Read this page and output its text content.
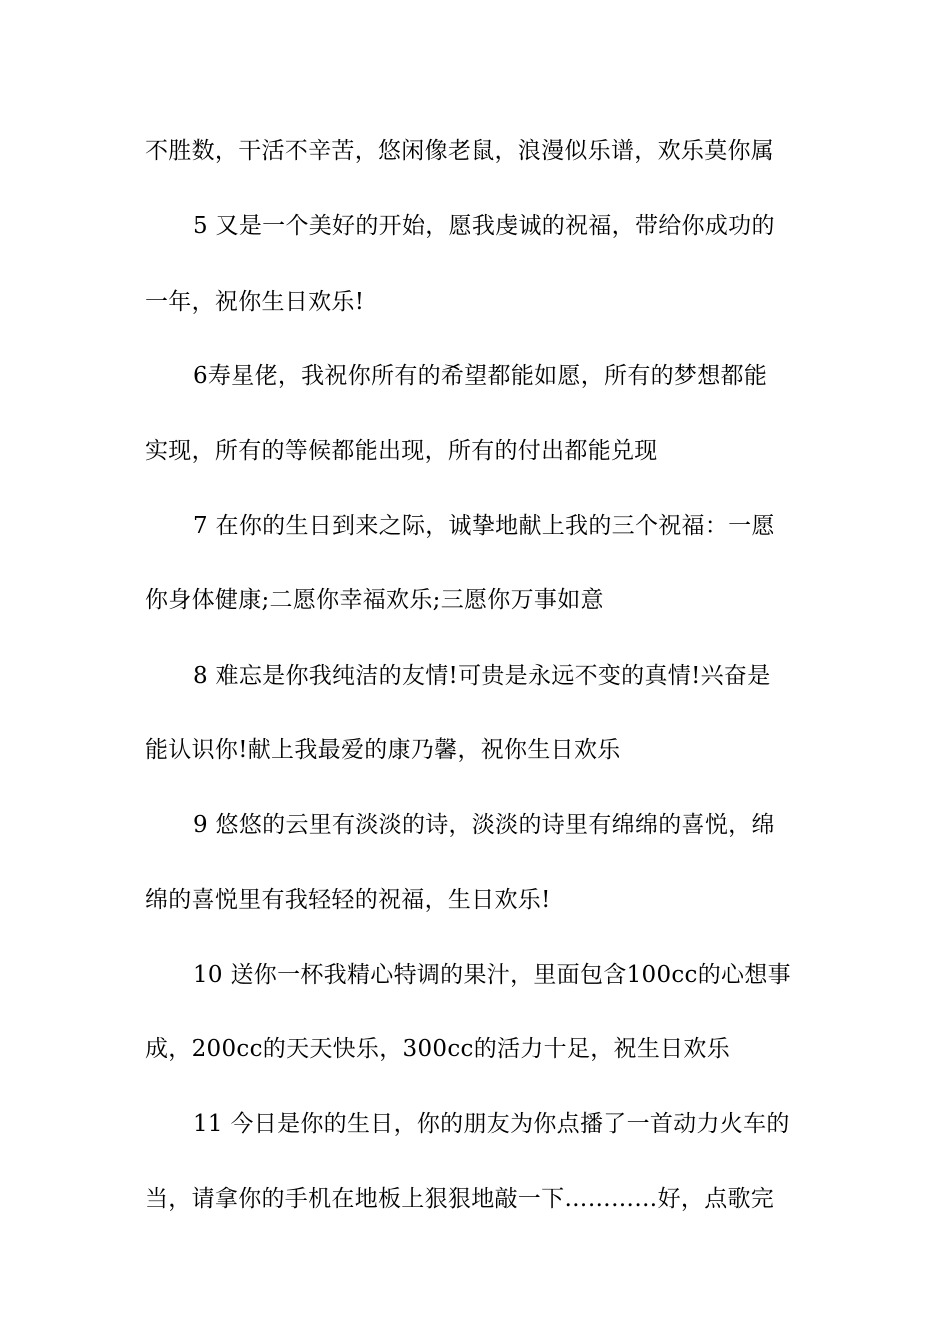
不胜数，干活不辛苦，悠闲像老鼠，浪漫似乐谱，欢乐莫你属
5 又是一个美好的开始，愿我虔诚的祝福，带给你成功的
一年，祝你生日欢乐!
6寿星佬，我祝你所有的希望都能如愿，所有的梦想都能
实现，所有的等候都能出现，所有的付出都能兑现
7 在你的生日到来之际，诚挚地献上我的三个祝福：一愿
你身体健康;二愿你幸福欢乐;三愿你万事如意
8 难忘是你我纯洁的友情!可贵是永远不变的真情!兴奋是
能认识你!献上我最爱的康乃馨，祝你生日欢乐
9 悠悠的云里有淡淡的诗，淡淡的诗里有绵绵的喜悦，绵
绵的喜悦里有我轻轻的祝福，生日欢乐!
10 送你一杯我精心特调的果汁，里面包含100cc的心想事
成，200cc的天天快乐，300cc的活力十足，祝生日欢乐
11 今日是你的生日，你的朋友为你点播了一首动力火车的
当，请拿你的手机在地板上狠狠地敲一下…………好，点歌完
